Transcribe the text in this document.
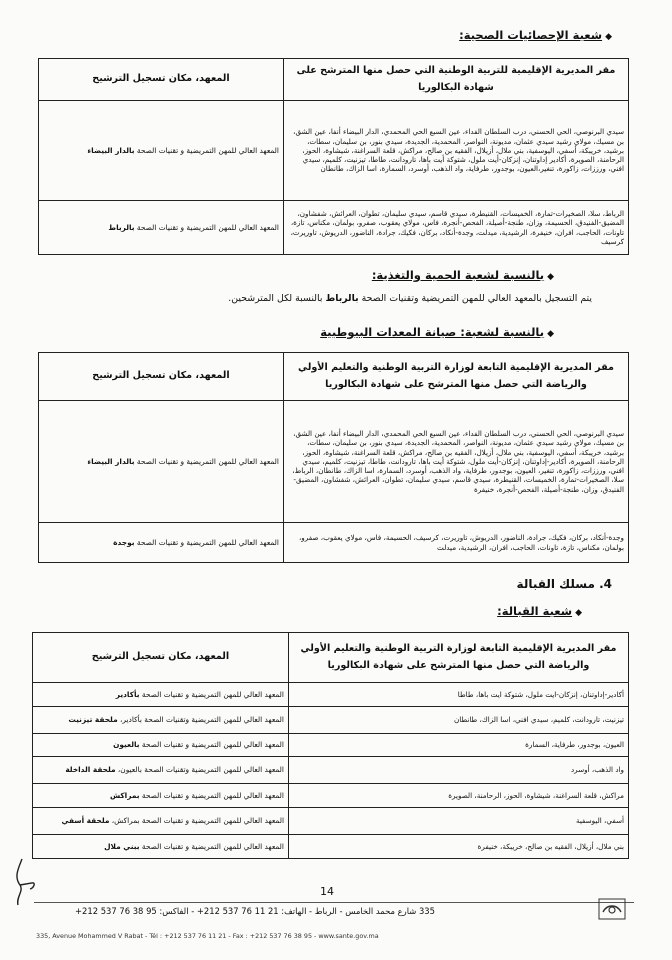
◆شعبة الإحصائيات الصحية:
مقر المديرية الإقليمية للتربية الوطنية التي حصل منها المترشح على شهادة البكالوريا	المعهد، مكان تسجيل الترشيح
سيدي البرنوصي، الحي الحسني، درب السلطان الفداء، عين السبع الحي المحمدي، الدار البيضاء أنفا، عين الشق، بن مسيك، مولاي رشيد سيدي عثمان، مديونة، النواصر، المحمدية، الجديدة، سيدي بنور، بن سليمان، سطات، برشيد، خريبكة، أسفي، اليوسفية، بني ملال، أزيلال، الفقيه بن صالح، مراكش، قلعة السراغنة، شيشاوة، الحوز، الرحامنة، الصويرة، أكادير إداوتنان، إنزكان-أيت ملول، شتوكة أيت باها، تارودانت، طاطا، تيزنيت، كلميم، سيدي افني، ورززات، زاكورة، تنغير،العيون، بوجدور، طرفاية، واد الذهب، أوسرد، السمارة، اسا الزاك، طانطان	المعهد العالي للمهن التمريضية و تقنيات الصحة بالدار البيضاء
الرباط، سلا، الصخيرات-تمارة، الخميسات، القنيطرة، سيدي قاسم، سيدي سليمان، تطوان، العرائش، شفشاون، المضيق-الفنيدق، الحسيمة، وزان، طنجة-أصيلة، الفحص-أنجرة، فاس، مولاي يعقوب، صفرو، بولمان، مكناس، تازة، تاونات، الحاجب، افران، خنيفرة، الرشيدية، ميدلت، وجدة-أنكاد، بركان، فكيك، جرادة، الناضور، الدريوش، تاوريرت، كرسيف	المعهد العالي للمهن التمريضية و تقنيات الصحة بالرباط
◆بالنسبة لشعبة الحمية والتغذية:
يتم التسجيل بالمعهد العالي للمهن التمريضية وتقنيات الصحة بالرباط بالنسبة لكل المترشحين.
◆بالنسبة لشعبة: صيانة المعدات البيوطبية
مقر المديرية الإقليمية التابعة لوزارة التربية الوطنية والتعليم الأولي والرياضة التي حصل منها المترشح على شهادة البكالوريا	المعهد، مكان تسجيل الترشيح
سيدي البرنوصي، الحي الحسني، درب السلطان الفداء، عين السبع الحي المحمدي، الدار البيضاء أنفا، عين الشق، بن مسيك، مولاي رشيد سيدي عثمان، مديونة، النواصر، المحمدية، الجديدة، سيدي بنور، بن سليمان، سطات، برشيد، خريبكة، أسفي، اليوسفية، بني ملال، أزيلال، الفقيه بن صالح، مراكش، قلعة السراغنة، شيشاوة، الحوز، الرحامنة، الصويرة، أكادير-إداوتنان، إنزكان-أيت ملول، شتوكة أيت باها، تارودانت، طاطا، تيزنيت، كلميم، سيدي افني، ورززات، زاكورة، تنغير، العيون، بوجدور، طرفاية، واد الذهب، أوسرد، السمارة، اسا الزاك، طانطان، الرباط، سلا، الصخيرات-تمارة، الخميسات، القنيطرة، سيدي قاسم، سيدي سليمان، تطوان، العرائش، شفشاون، المضيق-الفنيدق، وزان، طنجة-أصيلة، الفحص-أنجرة، خنيفرة	المعهد العالي للمهن التمريضية و تقنيات الصحة بالدار البيضاء
وجدة-أنكاد، بركان، فكيك، جرادة، الناضور، الدريوش، تاوريرت، كرسيف، الحسيمة، فاس، مولاي يعقوب، صفرو، بولمان، مكناس، تازة، تاونات، الحاجب، افران، الرشيدية، ميدلت	المعهد العالي للمهن التمريضية و تقنيات الصحة بوجدة
4. مسلك القبالة
◆شعبة القبالة:
مقر المديرية الإقليمية التابعة لوزارة التربية الوطنية والتعليم الأولي والرياضة التي حصل منها المترشح على شهادة البكالوريا	المعهد، مكان تسجيل الترشيح
أكادير-إداوتنان، إنزكان-ايت ملول، شتوكة ايت باها، طاطا	المعهد العالي للمهن التمريضية و تقنيات الصحة بأكادير
تيزنيت، تارودانت، كلميم، سيدي افني، اسا الزاك، طانطان	المعهد العالي للمهن التمريضية وتقنيات الصحة بأكادير، ملحقة تيزنيت
العيون، بوجدور، طرفاية، السمارة	المعهد العالي للمهن التمريضية و تقنيات الصحة بالعيون
واد الذهب، أوسرد	المعهد العالي للمهن التمريضية وتقنيات الصحة بالعيون، ملحقة الداخلة
مراكش، قلعة السراغنة، شيشاوة، الحوز، الرحامنة، الصويرة	المعهد العالي للمهن التمريضية و تقنيات الصحة بمراكش
أسفي، اليوسفية	المعهد العالي للمهن التمريضية و تقنيات الصحة بمراكش، ملحقة أسفي
بني ملال، أزيلال، الفقيه بن صالح، خريبكة، خنيفرة	المعهد العالي للمهن التمريضية و تقنيات الصحة ببني ملال
14
335 شارع محمد الخامس - الرباط - الهاتف: 21 11 76 537 212+ - الفاكس: 95 38 76 537 212+
335, Avenue Mohammed V Rabat - Tél : +212 537 76 11 21 - Fax : +212 537 76 38 95 - www.sante.gov.ma
